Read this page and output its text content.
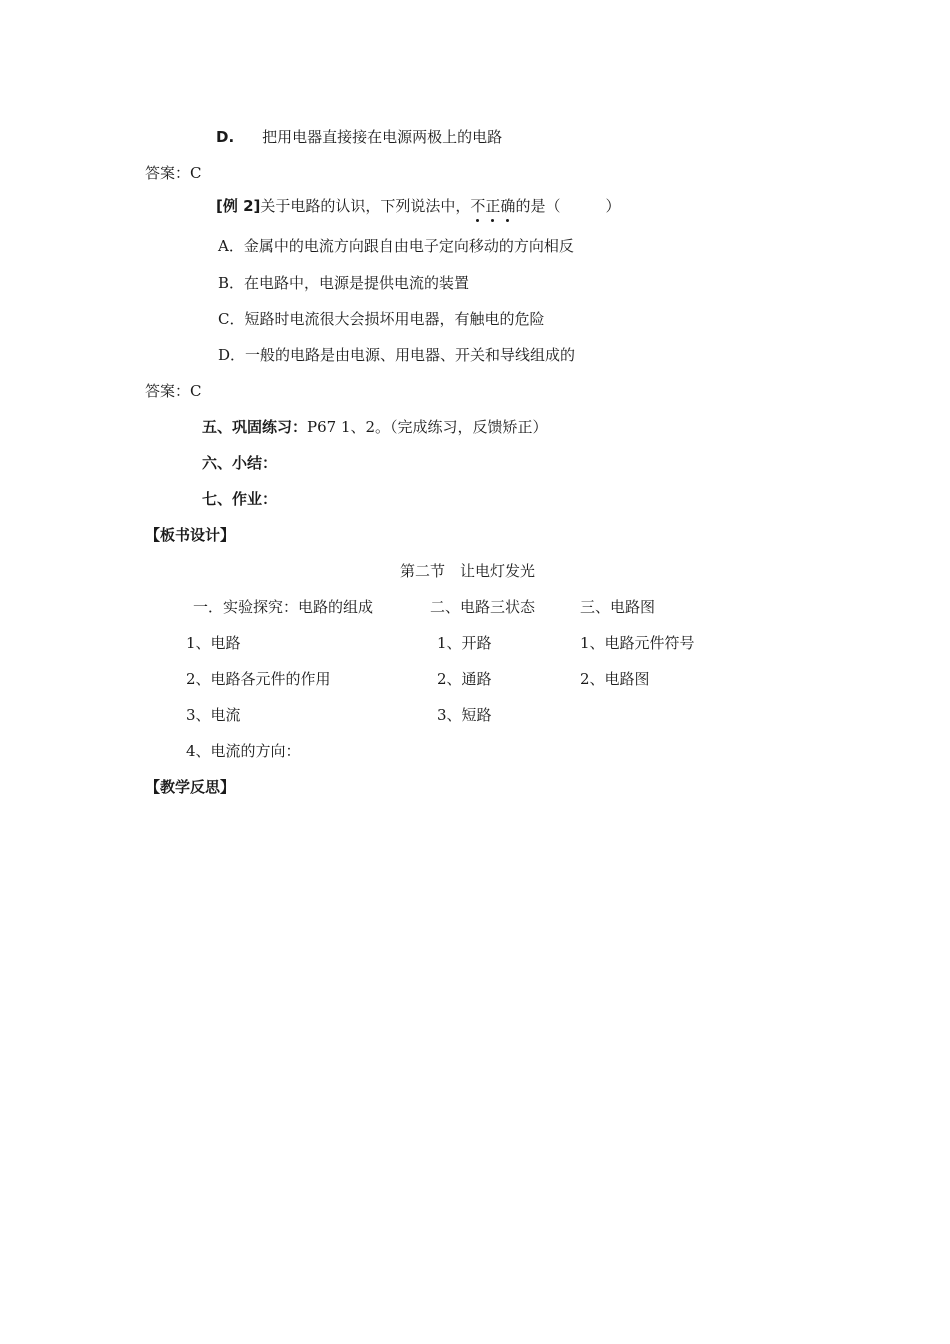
D. 把用电器直接接在电源两极上的电路
答案：C
[例 2]关于电路的认识，下列说法中，不正确的是（　　　）
A．金属中的电流方向跟自由电子定向移动的方向相反
B．在电路中，电源是提供电流的装置
C．短路时电流很大会损坏用电器，有触电的危险
D．一般的电路是由电源、用电器、开关和导线组成的
答案：C
五、巩固练习：P67 1、2。（完成练习，反馈矫正）
六、小结：
七、作业：
【板书设计】
第二节　让电灯发光
一．实验探究：电路的组成	二、电路三状态	三、电路图
1、电路	1、开路	1、电路元件符号
2、电路各元件的作用	2、通路	2、电路图
3、电流	3、短路
4、电流的方向：
【教学反思】
